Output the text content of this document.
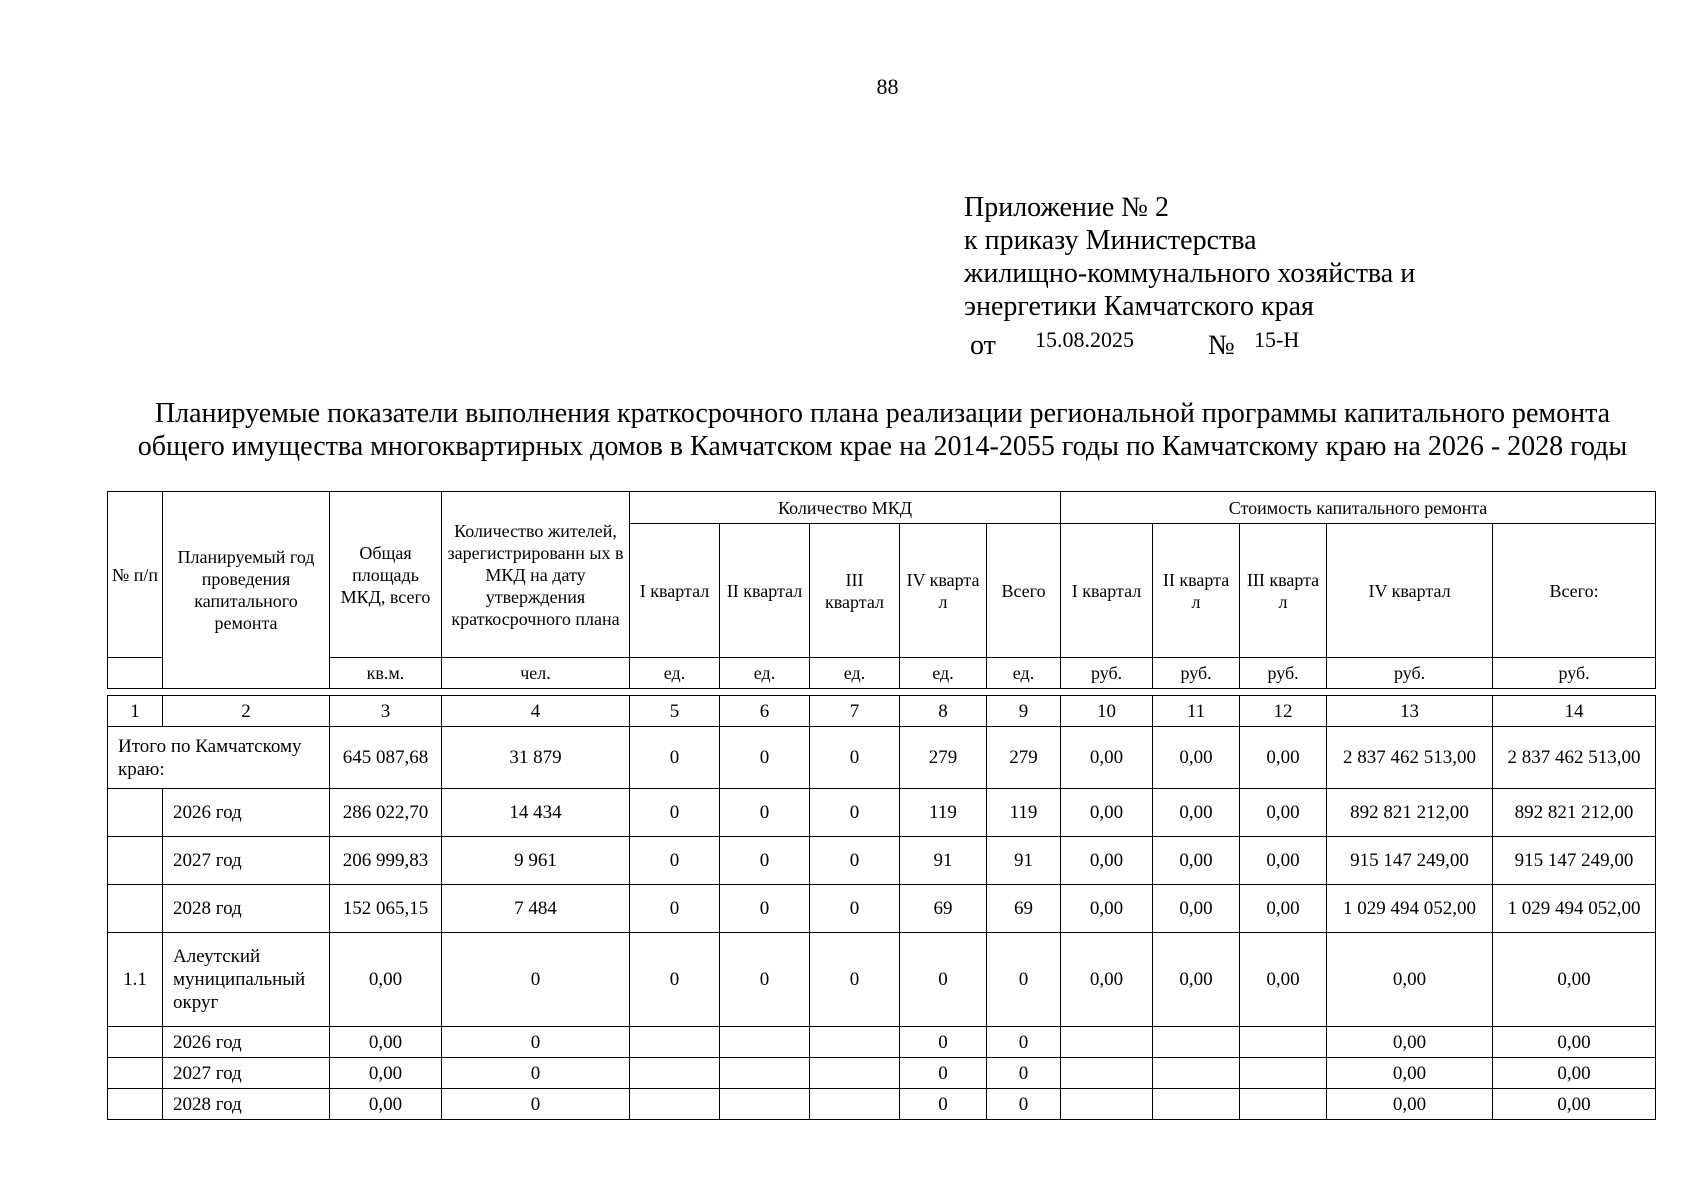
88
Приложение № 2
к приказу Министерства
жилищно-коммунального хозяйства и
энергетики Камчатского края
от 15.08.2025	№ 15-Н
Планируемые показатели выполнения краткосрочного плана реализации региональной программы капитального ремонта
общего имущества многоквартирных домов в Камчатском крае на 2014-2055 годы по Камчатскому краю на 2026 - 2028 годы
№ п/п	Планируемый год проведения капитального ремонта	Общая площадь МКД, всего	Количество жителей, зарегистрированн ых в МКД на дату утверждения краткосрочного плана	Количество МКД					Стоимость капитального ремонта				
				I квартал	II квартал	III квартал	IV кварта л	Всего	I квартал	II кварта л	III кварта л	IV квартал	Всего:
		кв.м.	чел.	ед.	ед.	ед.	ед.	ед.	руб.	руб.	руб.	руб.	руб.
1	2	3	4	5	6	7	8	9	10	11	12	13	14
Итого по Камчатскому краю:		645 087,68	31 879	0	0	0	279	279	0,00	0,00	0,00	2 837 462 513,00	2 837 462 513,00
	2026 год	286 022,70	14 434	0	0	0	119	119	0,00	0,00	0,00	892 821 212,00	892 821 212,00
	2027 год	206 999,83	9 961	0	0	0	91	91	0,00	0,00	0,00	915 147 249,00	915 147 249,00
	2028 год	152 065,15	7 484	0	0	0	69	69	0,00	0,00	0,00	1 029 494 052,00	1 029 494 052,00
1.1	Алеутский муниципальный округ	0,00	0	0	0	0	0	0	0,00	0,00	0,00	0,00	0,00
	2026 год	0,00	0				0	0				0,00	0,00
	2027 год	0,00	0				0	0				0,00	0,00
	2028 год	0,00	0				0	0				0,00	0,00
